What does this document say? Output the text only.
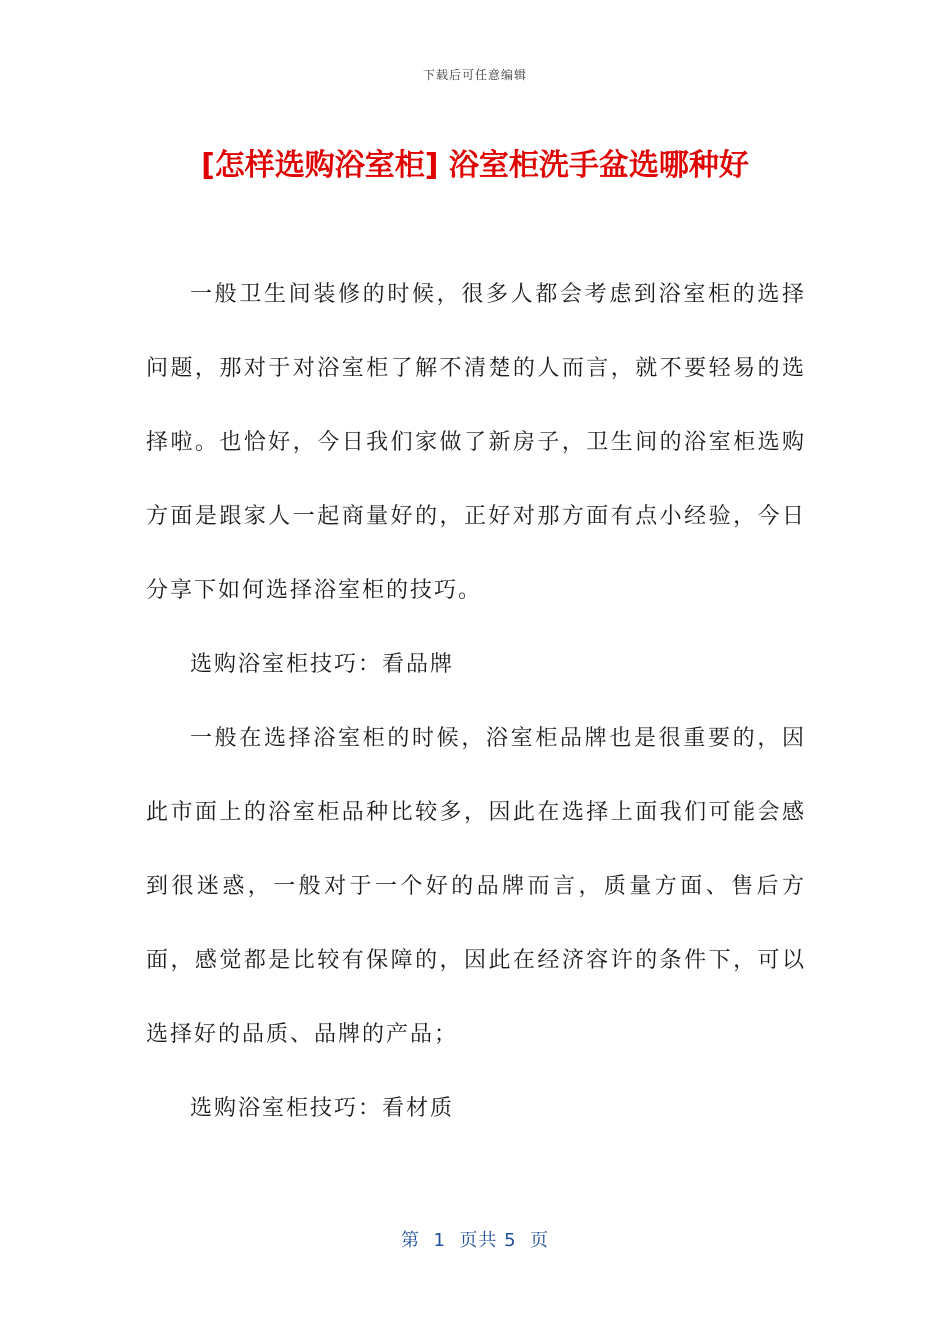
下载后可任意编辑
[怎样选购浴室柜] 浴室柜洗手盆选哪种好

一般卫生间装修的时候，很多人都会考虑到浴室柜的选择问题，那对于对浴室柜了解不清楚的人而言，就不要轻易的选择啦。也恰好，今日我们家做了新房子，卫生间的浴室柜选购方面是跟家人一起商量好的，正好对那方面有点小经验，今日分享下如何选择浴室柜的技巧。

选购浴室柜技巧：看品牌

一般在选择浴室柜的时候，浴室柜品牌也是很重要的，因此市面上的浴室柜品种比较多，因此在选择上面我们可能会感到很迷惑，一般对于一个好的品牌而言，质量方面、售后方面，感觉都是比较有保障的，因此在经济容许的条件下，可以选择好的品质、品牌的产品；

选购浴室柜技巧：看材质

第  1  页共 5  页
